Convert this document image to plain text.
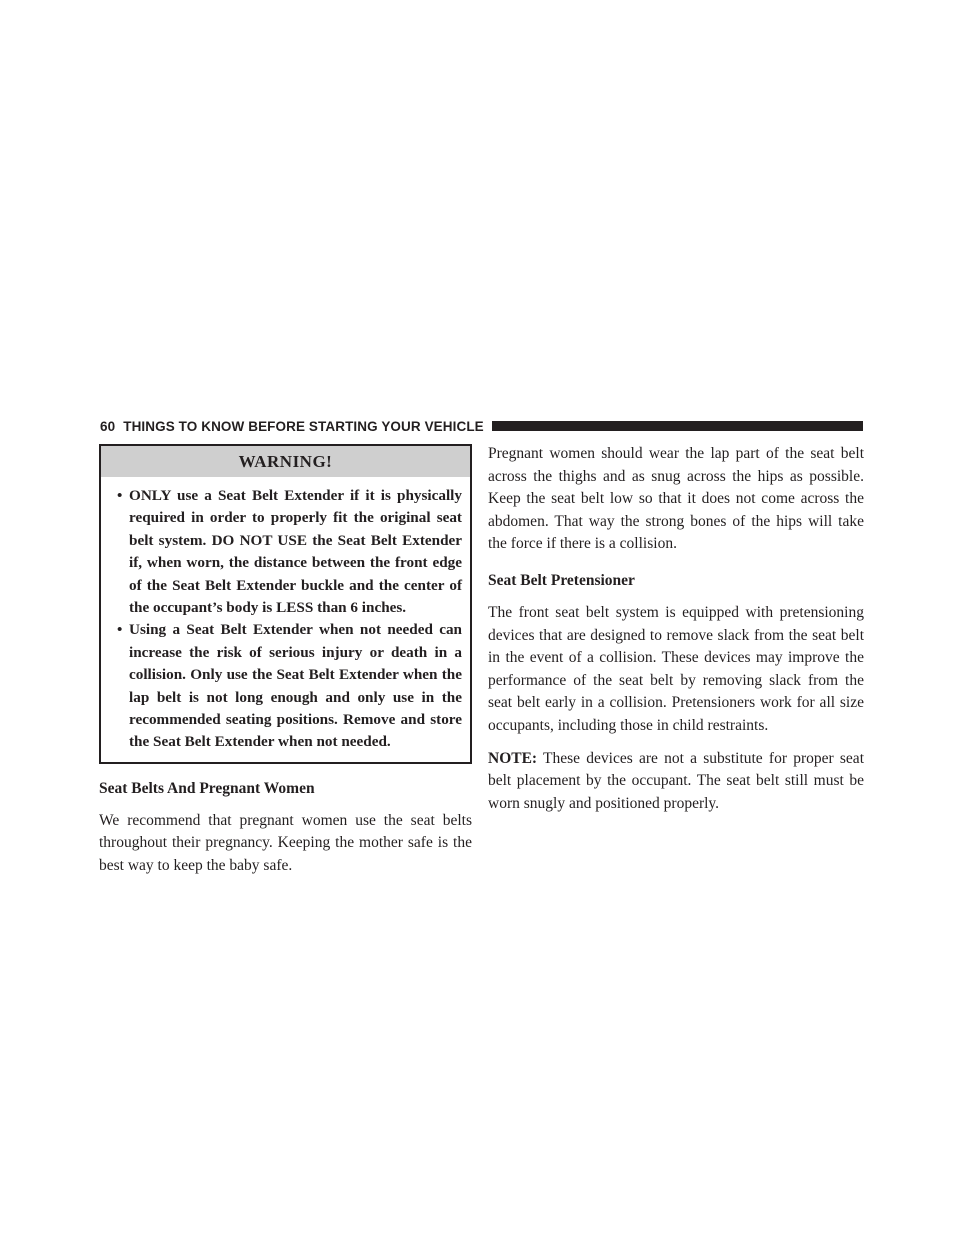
60 THINGS TO KNOW BEFORE STARTING YOUR VEHICLE
WARNING!
• ONLY use a Seat Belt Extender if it is physically required in order to properly fit the original seat belt system. DO NOT USE the Seat Belt Extender if, when worn, the distance between the front edge of the Seat Belt Extender buckle and the center of the occupant’s body is LESS than 6 inches.
• Using a Seat Belt Extender when not needed can increase the risk of serious injury or death in a collision. Only use the Seat Belt Extender when the lap belt is not long enough and only use in the recommended seating positions. Remove and store the Seat Belt Extender when not needed.
Seat Belts And Pregnant Women

We recommend that pregnant women use the seat belts throughout their pregnancy. Keeping the mother safe is the best way to keep the baby safe.

Pregnant women should wear the lap part of the seat belt across the thighs and as snug across the hips as possible. Keep the seat belt low so that it does not come across the abdomen. That way the strong bones of the hips will take the force if there is a collision.

Seat Belt Pretensioner

The front seat belt system is equipped with pretensioning devices that are designed to remove slack from the seat belt in the event of a collision. These devices may improve the performance of the seat belt by removing slack from the seat belt early in a collision. Pretensioners work for all size occupants, including those in child restraints.

NOTE: These devices are not a substitute for proper seat belt placement by the occupant. The seat belt still must be worn snugly and positioned properly.
